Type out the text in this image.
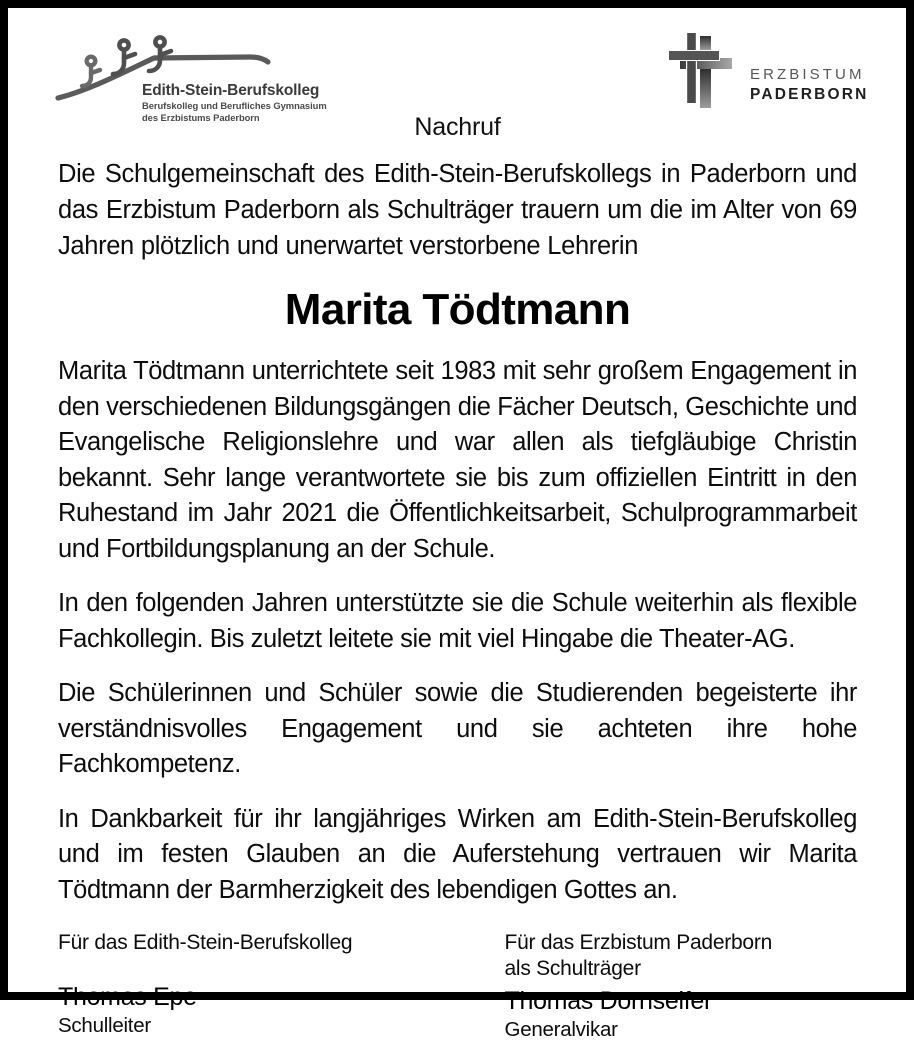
Edith-Stein-Berufskolleg
Berufskolleg und Berufliches Gymnasium
des Erzbistums Paderborn
ERZBISTUM
PADERBORN
Nachruf

Die Schulgemeinschaft des Edith-Stein-Berufskollegs in Paderborn und das Erzbistum Paderborn als Schulträger trauern um die im Alter von 69 Jahren plötzlich und unerwartet verstorbene Lehrerin

Marita Tödtmann

Marita Tödtmann unterrichtete seit 1983 mit sehr großem Engagement in den verschiedenen Bildungsgängen die Fächer Deutsch, Geschichte und Evangelische Religionslehre und war allen als tiefgläubige Christin bekannt. Sehr lange verantwortete sie bis zum offiziellen Eintritt in den Ruhestand im Jahr 2021 die Öffentlichkeitsarbeit, Schulprogrammarbeit und Fortbildungsplanung an der Schule.

In den folgenden Jahren unterstützte sie die Schule weiterhin als flexible Fachkollegin. Bis zuletzt leitete sie mit viel Hingabe die Theater-AG.

Die Schülerinnen und Schüler sowie die Studierenden begeisterte ihr verständnisvolles Engagement und sie achteten ihre hohe Fachkompetenz.

In Dankbarkeit für ihr langjähriges Wirken am Edith-Stein-Berufskolleg und im festen Glauben an die Auferstehung vertrauen wir Marita Tödtmann der Barmherzigkeit des lebendigen Gottes an.

Für das Edith-Stein-Berufskolleg
Thomas Epe
Schulleiter
Für das Erzbistum Paderborn
als Schulträger
Thomas Dornseifer
Generalvikar
